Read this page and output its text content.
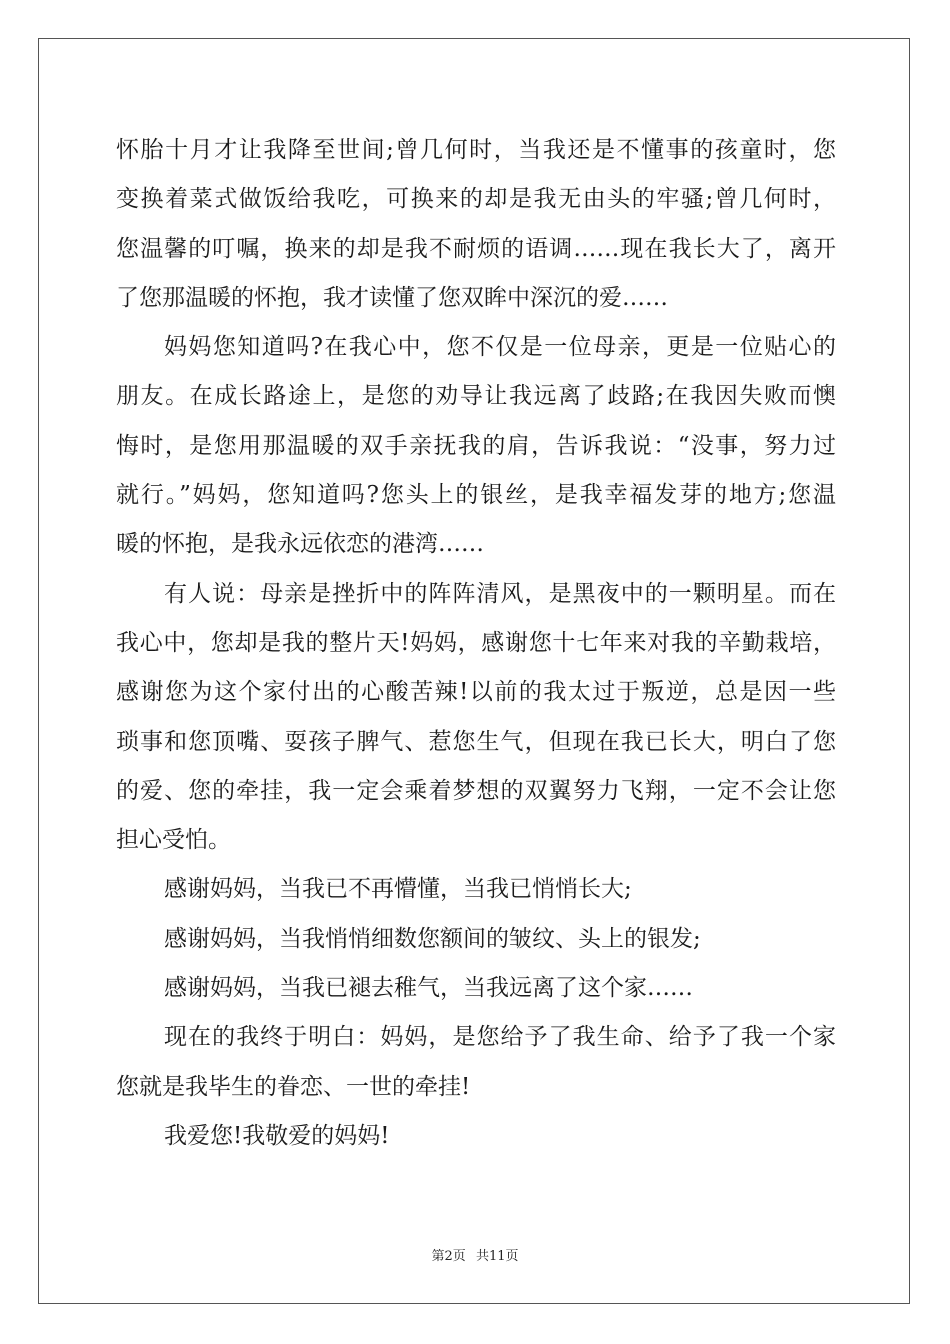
怀胎十月才让我降至世间;曾几何时，当我还是不懂事的孩童时，您
变换着菜式做饭给我吃，可换来的却是我无由头的牢骚;曾几何时，
您温馨的叮嘱，换来的却是我不耐烦的语调……现在我长大了，离开
了您那温暖的怀抱，我才读懂了您双眸中深沉的爱……
妈妈您知道吗?在我心中，您不仅是一位母亲，更是一位贴心的
朋友。在成长路途上，是您的劝导让我远离了歧路;在我因失败而懊
悔时，是您用那温暖的双手亲抚我的肩，告诉我说：“没事，努力过
就行。”妈妈，您知道吗?您头上的银丝，是我幸福发芽的地方;您温
暖的怀抱，是我永远依恋的港湾……
有人说：母亲是挫折中的阵阵清风，是黑夜中的一颗明星。而在
我心中，您却是我的整片天!妈妈，感谢您十七年来对我的辛勤栽培，
感谢您为这个家付出的心酸苦辣!以前的我太过于叛逆，总是因一些
琐事和您顶嘴、耍孩子脾气、惹您生气，但现在我已长大，明白了您
的爱、您的牵挂，我一定会乘着梦想的双翼努力飞翔，一定不会让您
担心受怕。
感谢妈妈，当我已不再懵懂，当我已悄悄长大;
感谢妈妈，当我悄悄细数您额间的皱纹、头上的银发;
感谢妈妈，当我已褪去稚气，当我远离了这个家……
现在的我终于明白：妈妈，是您给予了我生命、给予了我一个家
您就是我毕生的眷恋、一世的牵挂!
我爱您!我敬爱的妈妈!
第2页 共11页
